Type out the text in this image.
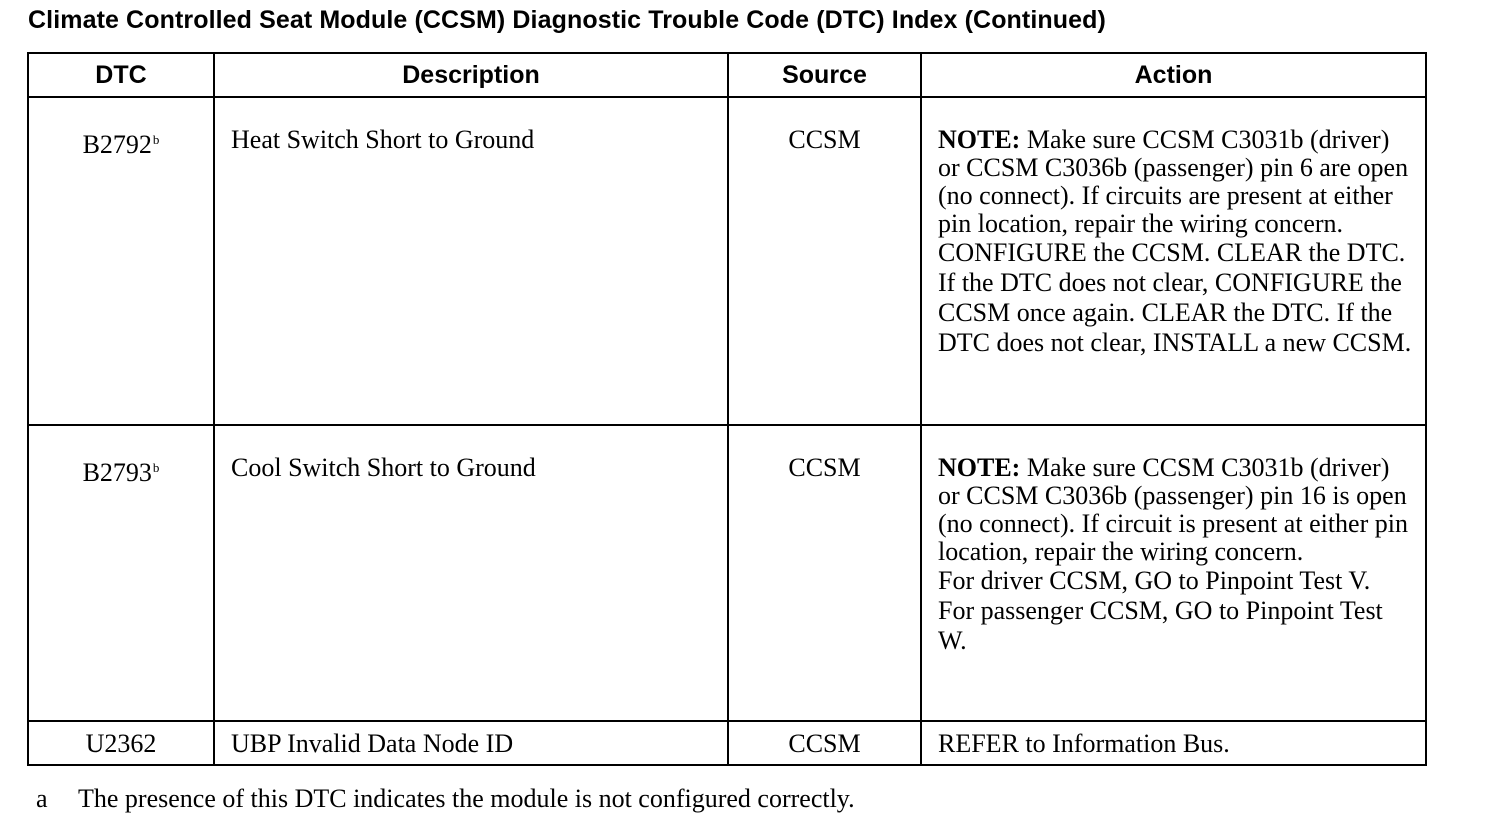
Climate Controlled Seat Module (CCSM) Diagnostic Trouble Code (DTC) Index (Continued)
DTC	Description	Source	Action
B2792$^b$	Heat Switch Short to Ground	CCSM	NOTE: Make sure CCSM C3031b (driver) or CCSM C3036b (passenger) pin 6 are open (no connect). If circuits are present at either pin location, repair the wiring concern.
CONFIGURE the CCSM. CLEAR the DTC. If the DTC does not clear, CONFIGURE the CCSM once again. CLEAR the DTC. If the DTC does not clear, INSTALL a new CCSM.

B2793$^b$	Cool Switch Short to Ground	CCSM	NOTE: Make sure CCSM C3031b (driver) or CCSM C3036b (passenger) pin 16 is open (no connect). If circuit is present at either pin location, repair the wiring concern.
For driver CCSM, GO to Pinpoint Test V.
For passenger CCSM, GO to Pinpoint Test W.

U2362	UBP Invalid Data Node ID	CCSM	REFER to Information Bus.
a The presence of this DTC indicates the module is not configured correctly.
